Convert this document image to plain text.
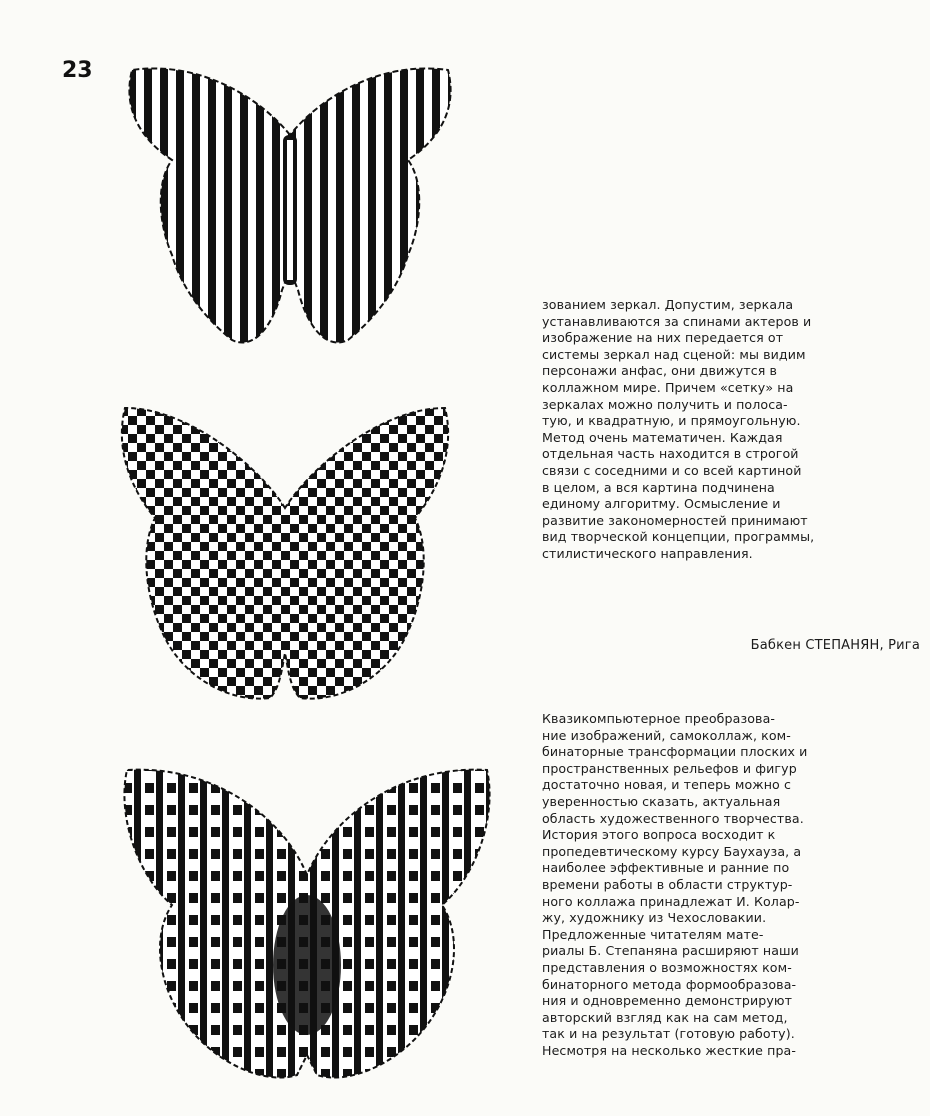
23

зованием зеркал. Допустим, зеркала
устанавливаются за спинами актеров и
изображение на них передается от
системы зеркал над сценой: мы видим
персонажи анфас, они движутся в
коллажном мире. Причем «сетку» на
зеркалах можно получить и полоса-
тую, и квадратную, и прямоугольную.

Метод очень математичен. Каждая
отдельная часть находится в строгой
связи с соседними и со всей картиной
в целом, а вся картина подчинена
единому алгоритму. Осмысление и
развитие закономерностей принимают
вид творческой концепции, программы,
стилистического направления.

Бабкен СТЕПАНЯН, Рига

Квазикомпьютерное преобразова-
ние изображений, самоколлаж, ком-
бинаторные трансформации плоских и
пространственных рельефов и фигур
достаточно новая, и теперь можно с
уверенностью сказать, актуальная
область художественного творчества.

История этого вопроса восходит к
пропедевтическому курсу Баухауза, а
наиболее эффективные и ранние по
времени работы в области структур-
ного коллажа принадлежат И. Колар-
жу, художнику из Чехословакии.

Предложенные читателям мате-
риалы Б. Степаняна расширяют наши
представления о возможностях ком-
бинаторного метода формообразова-
ния и одновременно демонстрируют
авторский взгляд как на сам метод,
так и на результат (готовую работу).
Несмотря на несколько жесткие пра-
